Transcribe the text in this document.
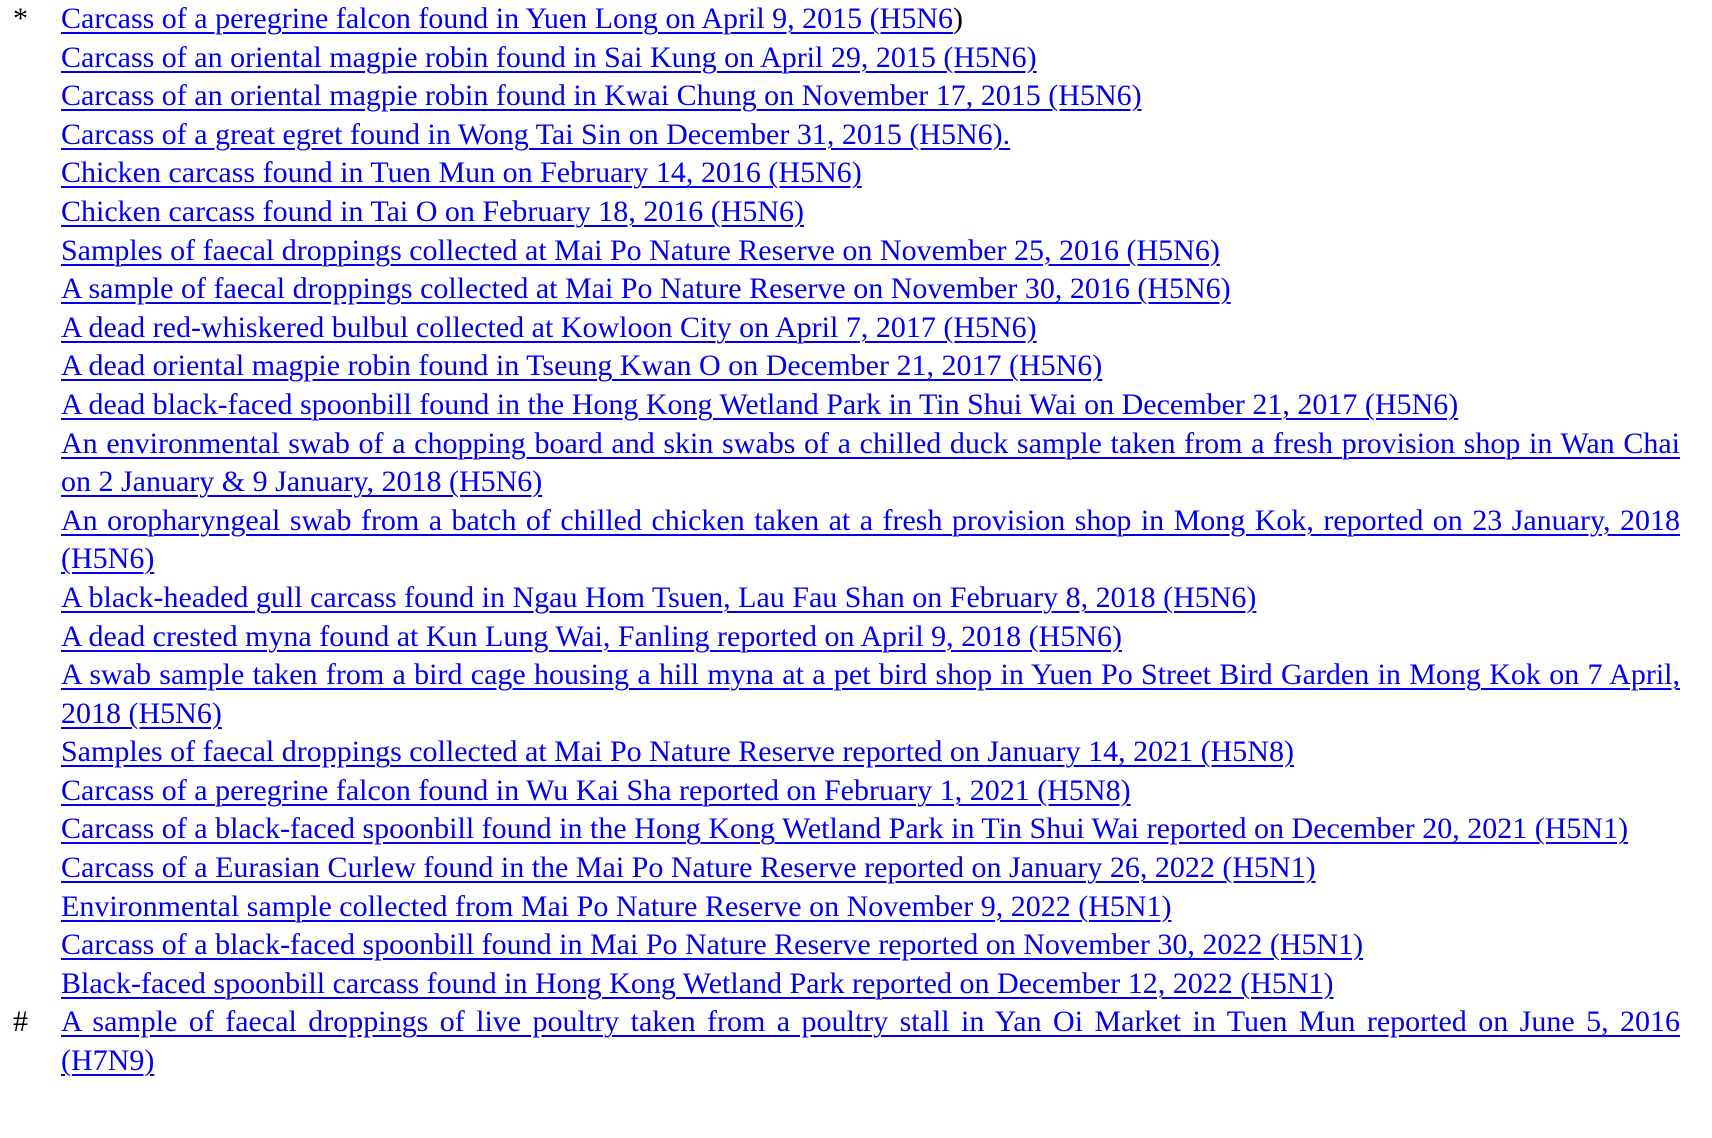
*	Carcass of a peregrine falcon found in Yuen Long on April 9, 2015 (H5N6)
Carcass of an oriental magpie robin found in Sai Kung on April 29, 2015 (H5N6)
Carcass of an oriental magpie robin found in Kwai Chung on November 17, 2015 (H5N6)
Carcass of a great egret found in Wong Tai Sin on December 31, 2015 (H5N6).
Chicken carcass found in Tuen Mun on February 14, 2016 (H5N6)
Chicken carcass found in Tai O on February 18, 2016 (H5N6)
Samples of faecal droppings collected at Mai Po Nature Reserve on November 25, 2016 (H5N6)
A sample of faecal droppings collected at Mai Po Nature Reserve on November 30, 2016 (H5N6)
A dead red-whiskered bulbul collected at Kowloon City on April 7, 2017 (H5N6)
A dead oriental magpie robin found in Tseung Kwan O on December 21, 2017 (H5N6)
A dead black-faced spoonbill found in the Hong Kong Wetland Park in Tin Shui Wai on December 21, 2017 (H5N6)
An environmental swab of a chopping board and skin swabs of a chilled duck sample taken from a fresh provision shop in Wan Chai on 2 January & 9 January, 2018 (H5N6)
An oropharyngeal swab from a batch of chilled chicken taken at a fresh provision shop in Mong Kok, reported on 23 January, 2018 (H5N6)
A black-headed gull carcass found in Ngau Hom Tsuen, Lau Fau Shan on February 8, 2018 (H5N6)
A dead crested myna found at Kun Lung Wai, Fanling reported on April 9, 2018 (H5N6)
A swab sample taken from a bird cage housing a hill myna at a pet bird shop in Yuen Po Street Bird Garden in Mong Kok on 7 April, 2018 (H5N6)
Samples of faecal droppings collected at Mai Po Nature Reserve reported on January 14, 2021 (H5N8)
Carcass of a peregrine falcon found in Wu Kai Sha reported on February 1, 2021 (H5N8)
Carcass of a black-faced spoonbill found in the Hong Kong Wetland Park in Tin Shui Wai reported on December 20, 2021 (H5N1)
Carcass of a Eurasian Curlew found in the Mai Po Nature Reserve reported on January 26, 2022 (H5N1)
Environmental sample collected from Mai Po Nature Reserve on November 9, 2022 (H5N1)
Carcass of a black-faced spoonbill found in Mai Po Nature Reserve reported on November 30, 2022 (H5N1)
Black-faced spoonbill carcass found in Hong Kong Wetland Park reported on December 12, 2022 (H5N1)
#	A sample of faecal droppings of live poultry taken from a poultry stall in Yan Oi Market in Tuen Mun reported on June 5, 2016 (H7N9)
